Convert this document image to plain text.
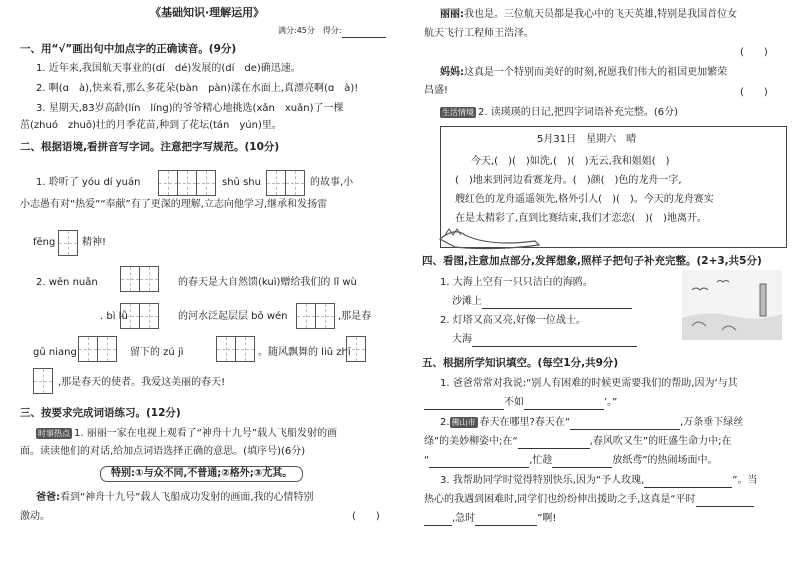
《基础知识·理解运用》
满分:45分　得分:
一、用“√”画出句中加点字的正确读音。(9分)
1. 近年来,我国航天事业的(dí　dé)发展的(dí　de)确迅速。
2. 啊(ɑ　à),快来看,那么多花朵(bàn　pàn)漾在水面上,真漂亮啊(ɑ　à)!
3. 星期天,83岁高龄(lín　líng)的爷爷精心地挑选(xǎn　xuǎn)了一棵
茁(zhuó　zhuō)壮的月季花苗,种到了花坛(tán　yún)里。
二、根据语境,看拼音写字词。注意把字写规范。(10分)
1. 聆听了 yóu dí yuán	shū shu	的故事,小
小志愚有对“热爱”“奉献”有了更深的理解,立志向他学习,继承和发扬雷
fēng	精神!
2. wēn nuǎn	的春天是大自然馈(kuì)赠给我们的 lǐ wù
. bì lǜ	的河水泛起层层 bō wén	,那是春
gū niang	留下的 zú jì	。随风飘舞的 liǔ zhī
,那是春天的使者。我爱这美丽的春天!
三、按要求完成词语练习。(12分)
时事热点 1. 丽丽一家在电视上观看了“神舟十九号”载人飞船发射的画
面。读读他们的对话,给加点词语选择正确的意思。(填序号)(6分)
特别:①与众不同,不普通;②格外;③尤其。
爸爸:看到“神舟十九号”载人飞船成功发射的画面,我的心情特别
激动。	(　　)
丽丽:我也是。三位航天员都是我心中的飞天英雄,特别是我国首位女
航天飞行工程师王浩泽。
(　　)
妈妈:这真是一个特别而美好的时刻,祝愿我们伟大的祖国更加繁荣
昌盛!	(　　)
生活情境 2. 读瑛瑛的日记,把四字词语补充完整。(6分)
5月31日　星期六　晴
今天,(　)(　)如洗,(　)(　)无云,我和姐姐(　)
(　)地来到河边看赛龙舟。(　)颜(　)色的龙舟一字,
艘红色的龙舟遥遥领先,格外引人(　)(　)。今天的龙舟赛实
在是太精彩了,直到比赛结束,我们才恋恋(　)(　)地离开。
四、看图,注意加点部分,发挥想象,照样子把句子补充完整。(2+3,共5分)
1. 大海上空有一只只洁白的海鸥。
沙滩上
2. 灯塔又高又亮,好像一位战士。
大海
五、根据所学知识填空。(每空1分,共9分)
1. 爸爸常常对我说:“别人有困难的时候更需要我们的帮助,因为‘与其
不如	’。”
2. 佛山市 春天在哪里?春天在“	,万条垂下绿丝
绦”的美妙柳姿中;在“	,春风吹又生”的旺盛生命力中;在
“	,忙趁	放纸鸢”的热闹场面中。
3. 我帮助同学时觉得特别快乐,因为“予人玫瑰,	”。当
热心的我遇到困难时,同学们也纷纷伸出援助之手,这真是“平时
,急时	”啊!
